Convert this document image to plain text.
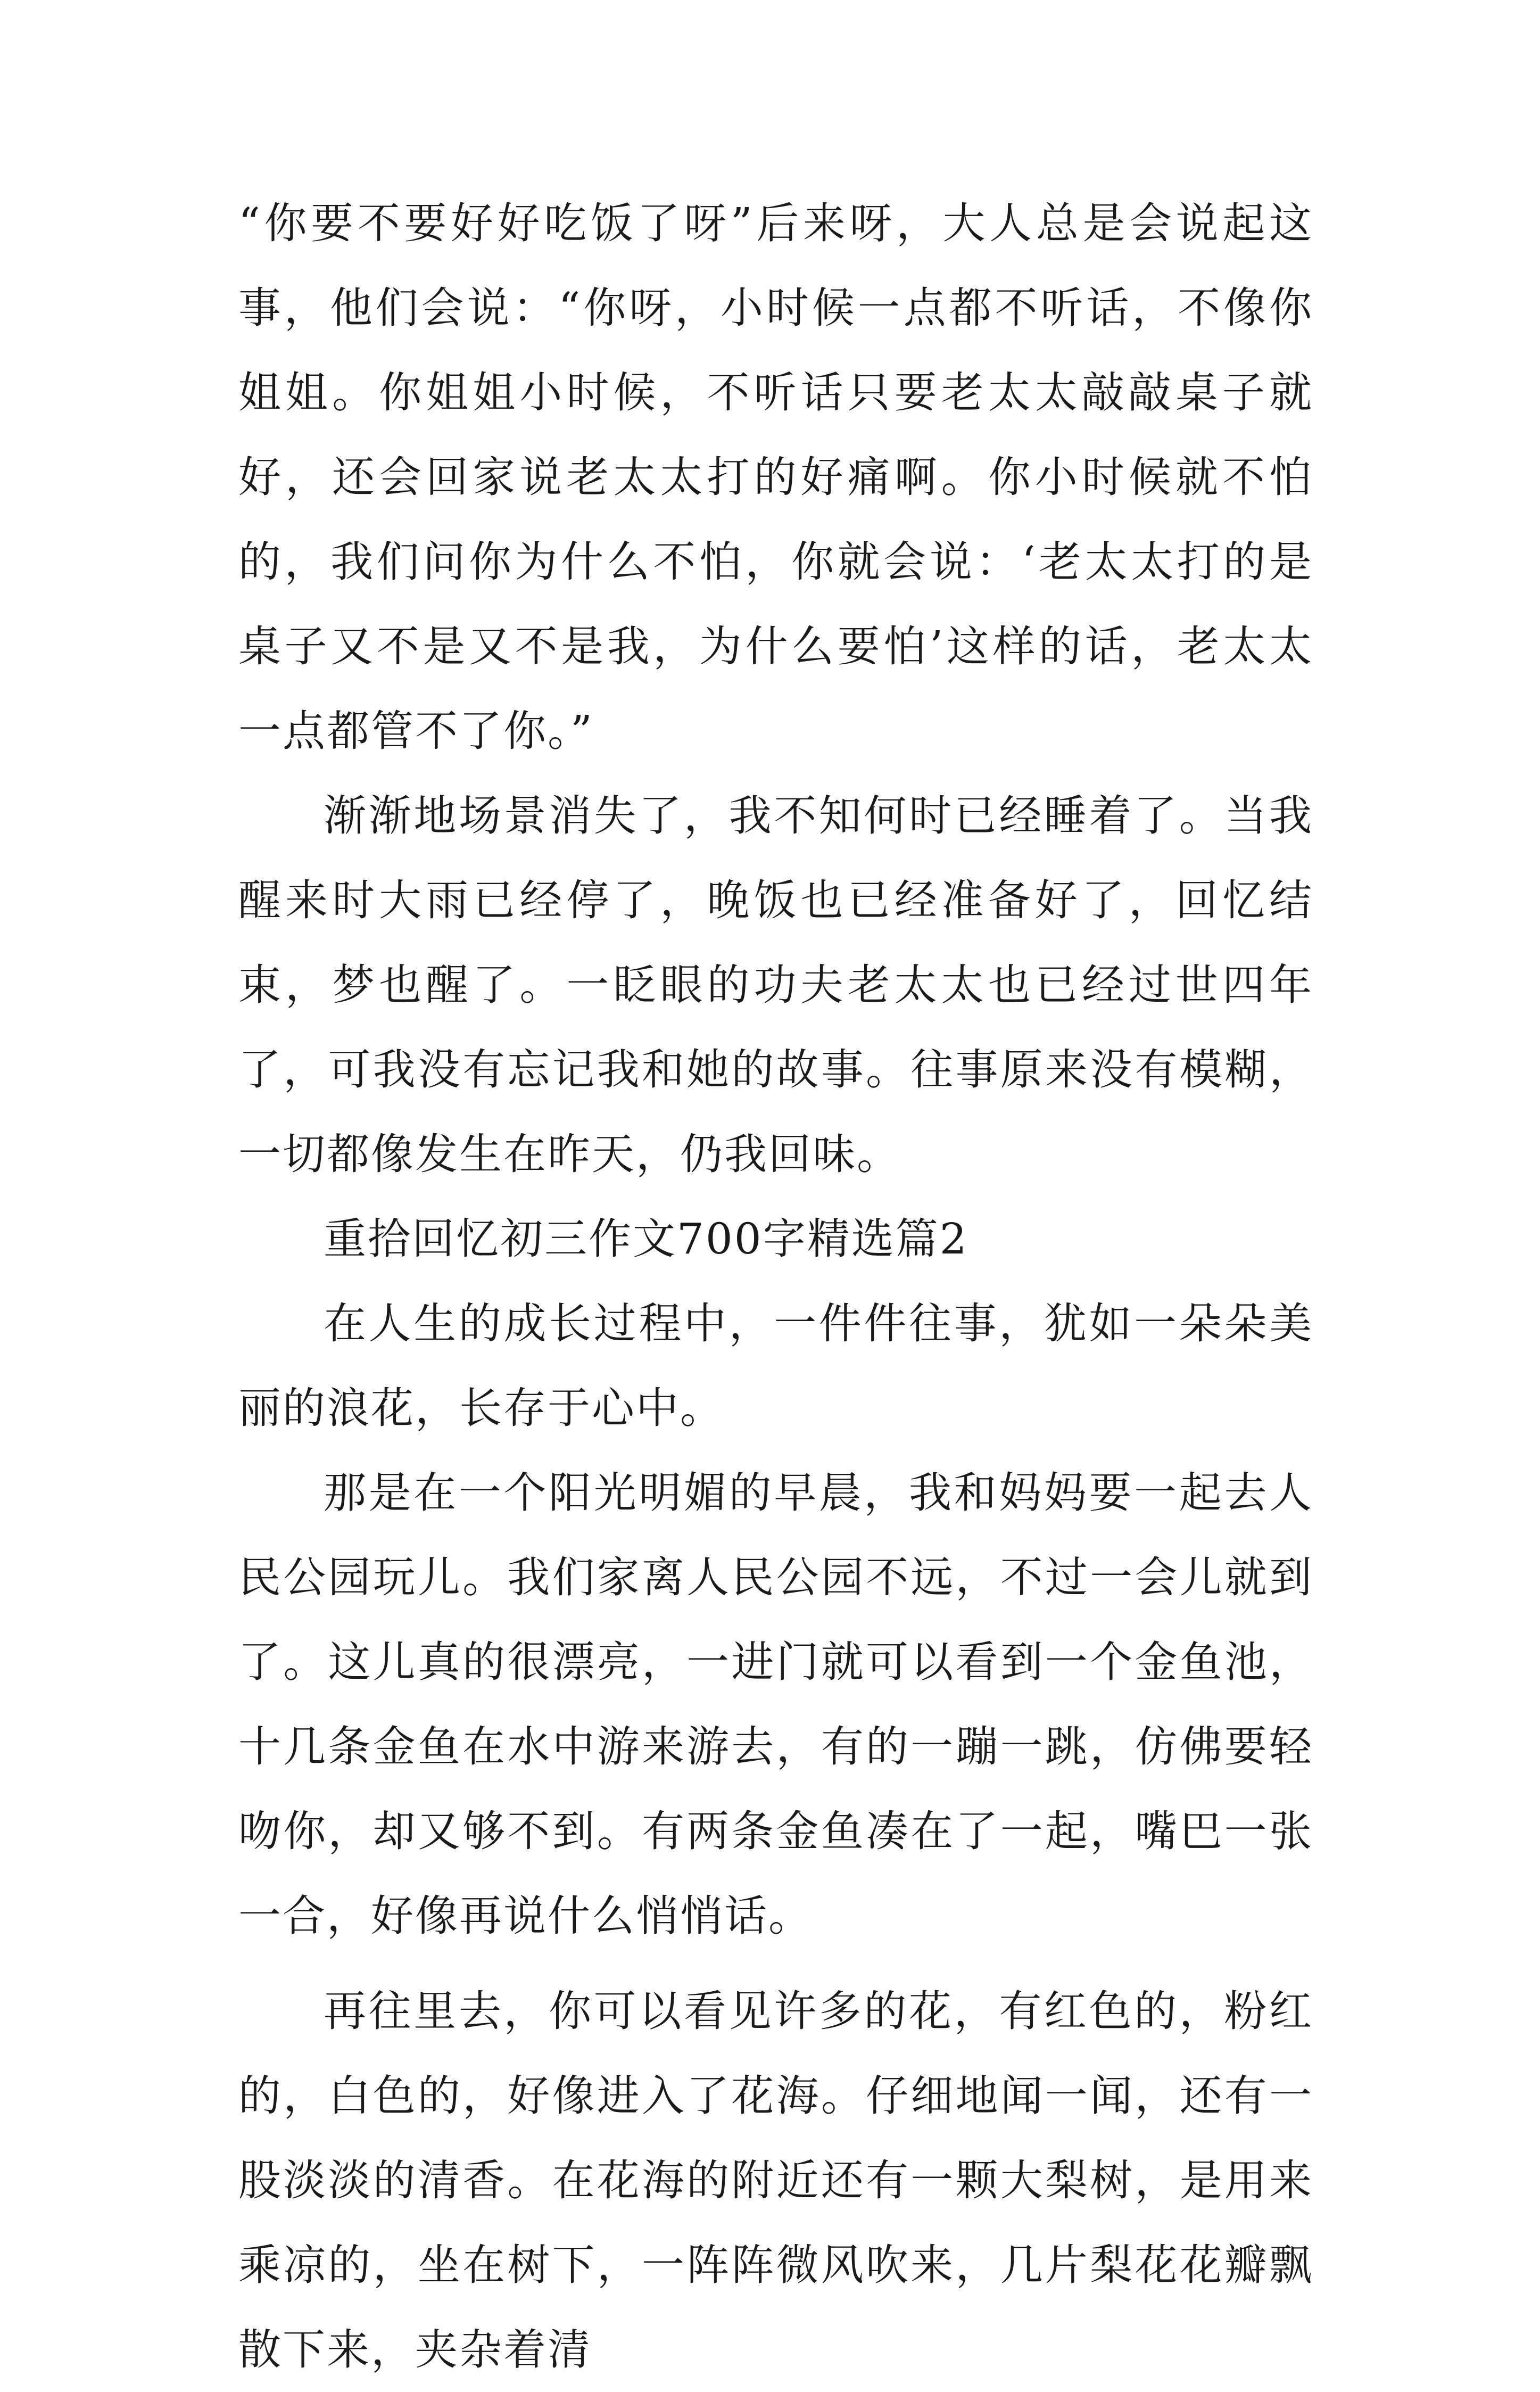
“你要不要好好吃饭了呀”后来呀，大人总是会说起这事，他们会说：“你呀，小时候一点都不听话，不像你姐姐。你姐姐小时候，不听话只要老太太敲敲桌子就好，还会回家说老太太打的好痛啊。你小时候就不怕的，我们问你为什么不怕，你就会说：‘老太太打的是桌子又不是又不是我，为什么要怕’这样的话，老太太一点都管不了你。”

渐渐地场景消失了，我不知何时已经睡着了。当我醒来时大雨已经停了，晚饭也已经准备好了，回忆结束，梦也醒了。一眨眼的功夫老太太也已经过世四年了，可我没有忘记我和她的故事。往事原来没有模糊，一切都像发生在昨天，仍我回味。

重拾回忆初三作文700字精选篇2

在人生的成长过程中，一件件往事，犹如一朵朵美丽的浪花，长存于心中。

那是在一个阳光明媚的早晨，我和妈妈要一起去人民公园玩儿。我们家离人民公园不远，不过一会儿就到了。这儿真的很漂亮，一进门就可以看到一个金鱼池，十几条金鱼在水中游来游去，有的一蹦一跳，仿佛要轻吻你，却又够不到。有两条金鱼凑在了一起，嘴巴一张一合，好像再说什么悄悄话。

再往里去，你可以看见许多的花，有红色的，粉红的，白色的，好像进入了花海。仔细地闻一闻，还有一股淡淡的清香。在花海的附近还有一颗大梨树，是用来乘凉的，坐在树下，一阵阵微风吹来，几片梨花花瓣飘散下来，夹杂着清
